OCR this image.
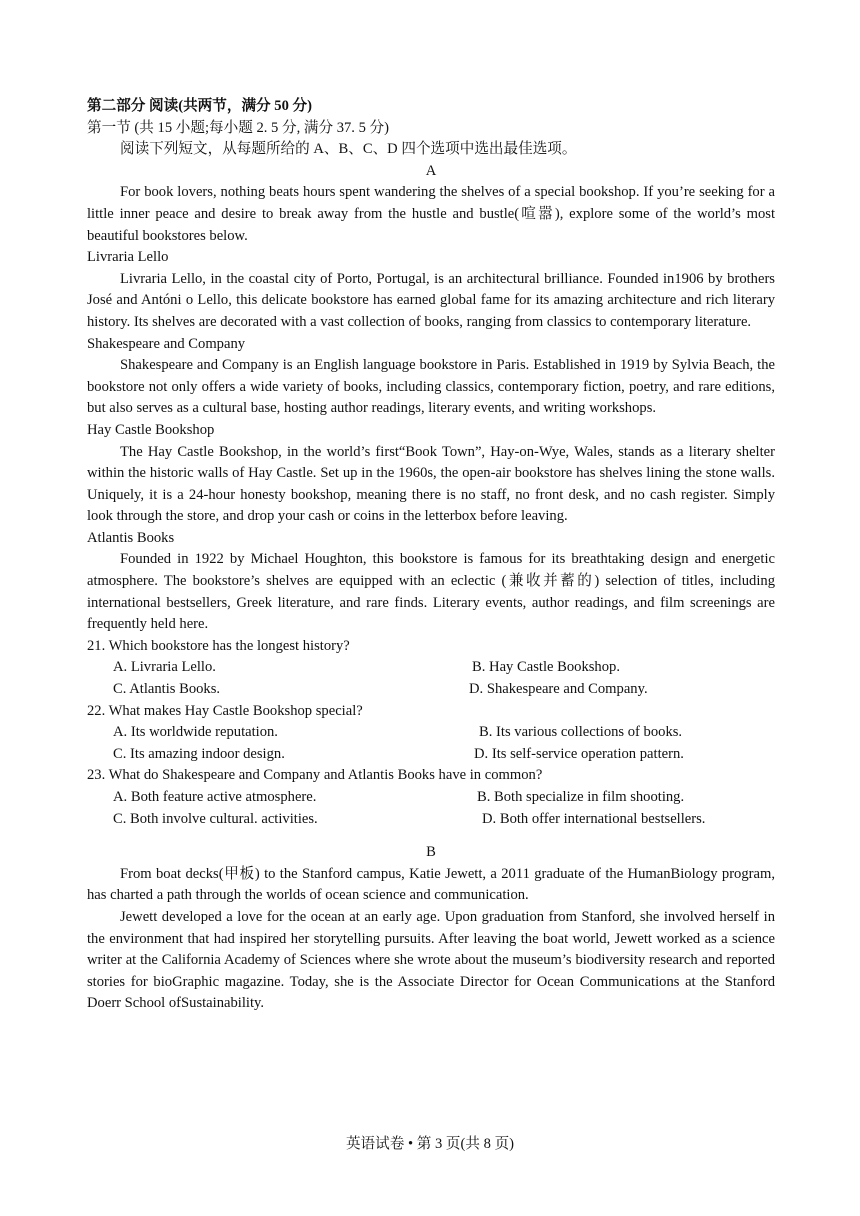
第二部分 阅读(共两节，满分 50 分)

第一节 (共 15 小题;每小题 2. 5 分, 满分 37. 5 分)

阅读下列短文，从每题所给的 A、B、C、D 四个选项中选出最佳选项。

A

For book lovers, nothing beats hours spent wandering the shelves of a special bookshop. If you’re seeking for a little inner peace and desire to break away from the hustle and bustle(喧嚣), explore some of the world’s most beautiful bookstores below.

Livraria Lello

Livraria Lello, in the coastal city of Porto, Portugal, is an architectural brilliance. Founded in1906 by brothers José and Antóni o Lello, this delicate bookstore has earned global fame for its amazing architecture and rich literary history. Its shelves are decorated with a vast collection of books, ranging from classics to contemporary literature.

Shakespeare and Company

Shakespeare and Company is an English language bookstore in Paris. Established in 1919 by Sylvia Beach, the bookstore not only offers a wide variety of books, including classics, contemporary fiction, poetry, and rare editions, but also serves as a cultural base, hosting author readings, literary events, and writing workshops.

Hay Castle Bookshop

The Hay Castle Bookshop, in the world’s first“Book Town”, Hay-on-Wye, Wales, stands as a literary shelter within the historic walls of Hay Castle. Set up in the 1960s, the open-air bookstore has shelves lining the stone walls. Uniquely, it is a 24-hour honesty bookshop, meaning there is no staff, no front desk, and no cash register. Simply look through the store, and drop your cash or coins in the letterbox before leaving.

Atlantis Books

Founded in 1922 by Michael Houghton, this bookstore is famous for its breathtaking design and energetic atmosphere. The bookstore’s shelves are equipped with an eclectic (兼收并蓄的) selection of titles, including international bestsellers, Greek literature, and rare finds. Literary events, author readings, and film screenings are frequently held here.

21. Which bookstore has the longest history?

A. Livraria Lello.	B. Hay Castle Bookshop.
C. Atlantis Books.	D. Shakespeare and Company.

22. What makes Hay Castle Bookshop special?

A. Its worldwide reputation.	B. Its various collections of books.
C. Its amazing indoor design.	D. Its self-service operation pattern.

23. What do Shakespeare and Company and Atlantis Books have in common?

A. Both feature active atmosphere.	B. Both specialize in film shooting.
C. Both involve cultural. activities.	D. Both offer international bestsellers.

B

From boat decks(甲板) to the Stanford campus, Katie Jewett, a 2011 graduate of the HumanBiology program, has charted a path through the worlds of ocean science and communication.

Jewett developed a love for the ocean at an early age. Upon graduation from Stanford, she involved herself in the environment that had inspired her storytelling pursuits. After leaving the boat world, Jewett worked as a science writer at the California Academy of Sciences where she wrote about the museum’s biodiversity research and reported stories for bioGraphic magazine. Today, she is the Associate Director for Ocean Communications at the Stanford Doerr School ofSustainability.

英语试卷 • 第 3 页(共 8 页)
